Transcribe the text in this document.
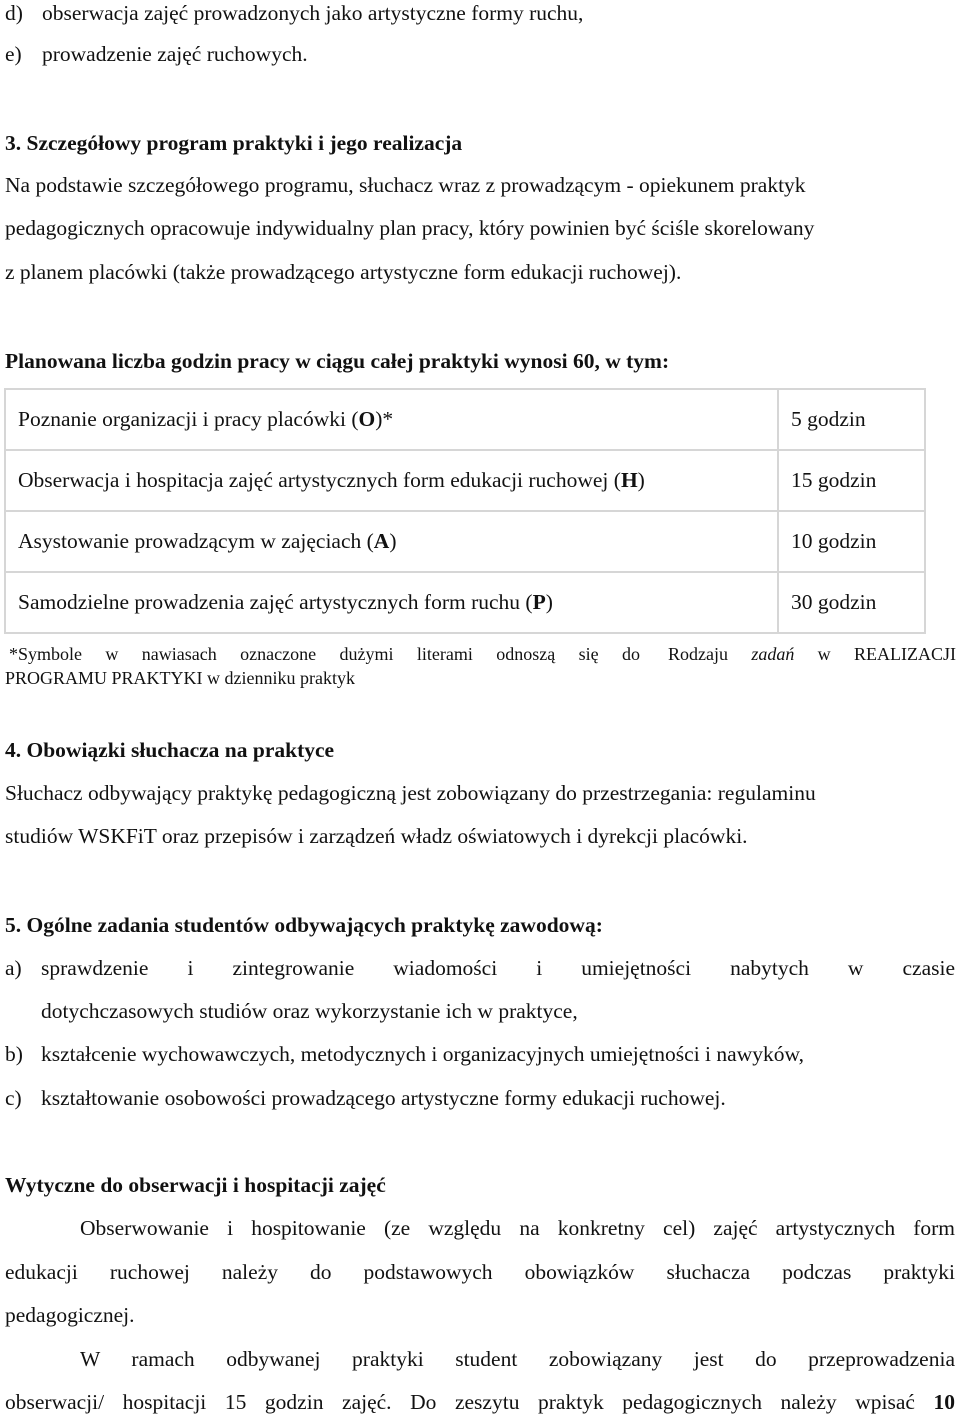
d) obserwacja zajęć prowadzonych jako artystyczne formy ruchu,
e) prowadzenie zajęć ruchowych.
3. Szczegółowy program praktyki i jego realizacja
Na podstawie szczegółowego programu, słuchacz wraz z prowadzącym - opiekunem praktyk
pedagogicznych opracowuje indywidualny plan pracy, który powinien być ściśle skorelowany
z planem placówki (także prowadzącego artystyczne form edukacji ruchowej).
Planowana liczba godzin pracy w ciągu całej praktyki wynosi 60, w tym:
Poznanie organizacji i pracy placówki (O)*	5 godzin
Obserwacja i hospitacja zajęć artystycznych form edukacji ruchowej (H)	15 godzin
Asystowanie prowadzącym w zajęciach (A)	10 godzin
Samodzielne prowadzenia zajęć artystycznych form ruchu (P)	30 godzin
*Symbole w nawiasach oznaczone dużymi literami odnoszą się do Rodzaju zadań w REALIZACJI
PROGRAMU PRAKTYKI w dzienniku praktyk
4. Obowiązki słuchacza na praktyce
Słuchacz odbywający praktykę pedagogiczną jest zobowiązany do przestrzegania: regulaminu
studiów WSKFiT oraz przepisów i zarządzeń władz oświatowych i dyrekcji placówki.
5. Ogólne zadania studentów odbywających praktykę zawodową:
a) sprawdzenie i zintegrowanie wiadomości i umiejętności nabytych w czasie
dotychczasowych studiów oraz wykorzystanie ich w praktyce,
b) kształcenie wychowawczych, metodycznych i organizacyjnych umiejętności i nawyków,
c) kształtowanie osobowości prowadzącego artystyczne formy edukacji ruchowej.
Wytyczne do obserwacji i hospitacji zajęć
Obserwowanie i hospitowanie (ze względu na konkretny cel) zajęć artystycznych form
edukacji ruchowej należy do podstawowych obowiązków słuchacza podczas praktyki
pedagogicznej.
W ramach odbywanej praktyki student zobowiązany jest do przeprowadzenia
obserwacji/ hospitacji 15 godzin zajęć. Do zeszytu praktyk pedagogicznych należy wpisać 10
